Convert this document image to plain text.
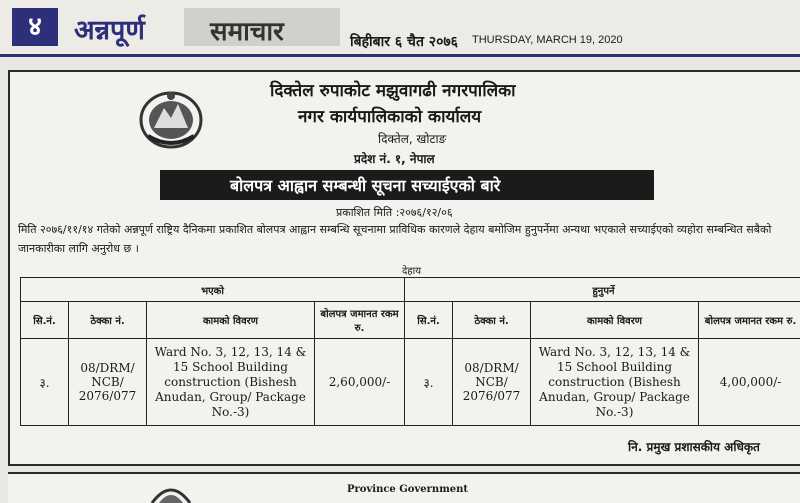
४	अन्नपूर्ण	समाचार	बिहीबार ६ चैत २०७६ THURSDAY, MARCH 19, 2020
दिक्तेल रुपाकोट मझुवागढी नगरपालिका
नगर कार्यपालिकाको कार्यालय
दिक्तेल, खोटाङ
प्रदेश नं. १, नेपाल
बोलपत्र आह्वान सम्बन्धी सूचना सच्याईएको बारे
प्रकाशित मिति :२०७६/१२/०६
मिति २०७६/११/१४ गतेको अन्नपूर्ण राष्ट्रिय दैनिकमा प्रकाशित बोलपत्र आह्वान सम्बन्धि सूचनामा प्राविधिक कारणले देहाय बमोजिम हुनुपर्नेमा अन्यथा भएकाले सच्याईएको व्यहोरा सम्बन्धित सबैको जानकारीका लागि अनुरोध छ ।
देहाय
भएको				हुनुपर्ने			
सि.नं.	ठेक्का नं.	कामको विवरण	बोलपत्र जमानत रकम रु.	सि.नं.	ठेक्का नं.	कामको विवरण	बोलपत्र जमानत रकम रु.
३.	08/DRM/ NCB/ 2076/077	Ward No. 3, 12, 13, 14 & 15 School Building construction (Bishesh Anudan, Group/ Package No.-3)	2,60,000/-	३.	08/DRM/ NCB/ 2076/077	Ward No. 3, 12, 13, 14 & 15 School Building construction (Bishesh Anudan, Group/ Package No.-3)	4,00,000/-
नि. प्रमुख प्रशासकीय अधिकृत
Province Government
